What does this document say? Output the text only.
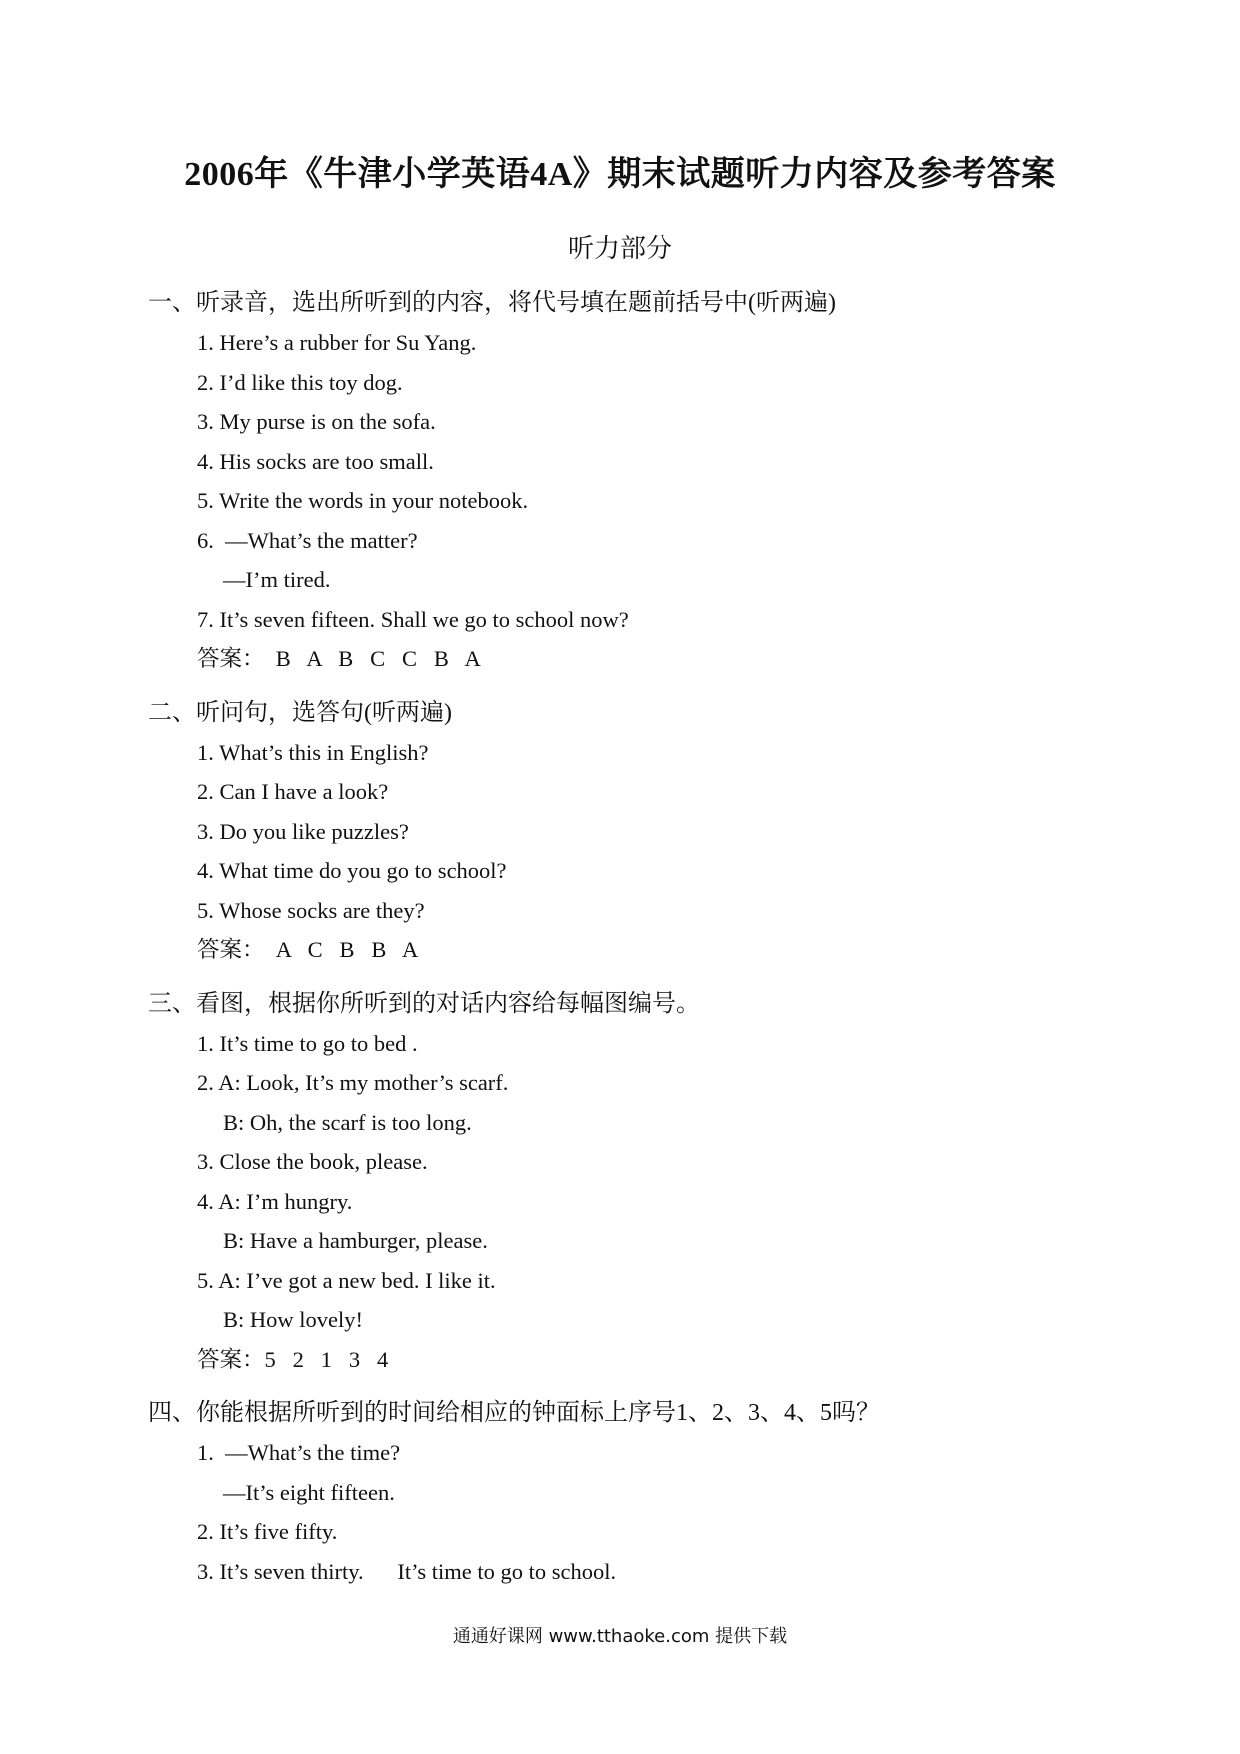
2006年《牛津小学英语4A》期末试题听力内容及参考答案
听力部分
一、听录音，选出所听到的内容，将代号填在题前括号中(听两遍)
1. Here’s a rubber for Su Yang.
2. I’d like this toy dog.
3. My purse is on the sofa.
4. His socks are too small.
5. Write the words in your notebook.
6.  —What’s the matter?
—I’m tired.
7. It’s seven fifteen. Shall we go to school now?
答案：  B   A   B   C   C   B   A
二、听问句，选答句(听两遍)
1. What’s this in English?
2. Can I have a look?
3. Do you like puzzles?
4. What time do you go to school?
5. Whose socks are they?
答案：  A   C   B   B   A
三、看图，根据你所听到的对话内容给每幅图编号。
1. It’s time to go to bed .
2. A: Look, It’s my mother’s scarf.
B: Oh, the scarf is too long.
3. Close the book, please.
4. A: I’m hungry.
B: Have a hamburger, please.
5. A: I’ve got a new bed. I like it.
B: How lovely!
答案：5   2   1   3   4
四、你能根据所听到的时间给相应的钟面标上序号1、2、3、4、5吗？
1.  —What’s the time?
—It’s eight fifteen.
2. It’s five fifty.
3. It’s seven thirty.      It’s time to go to school.
通通好课网 www.tthaoke.com 提供下载
